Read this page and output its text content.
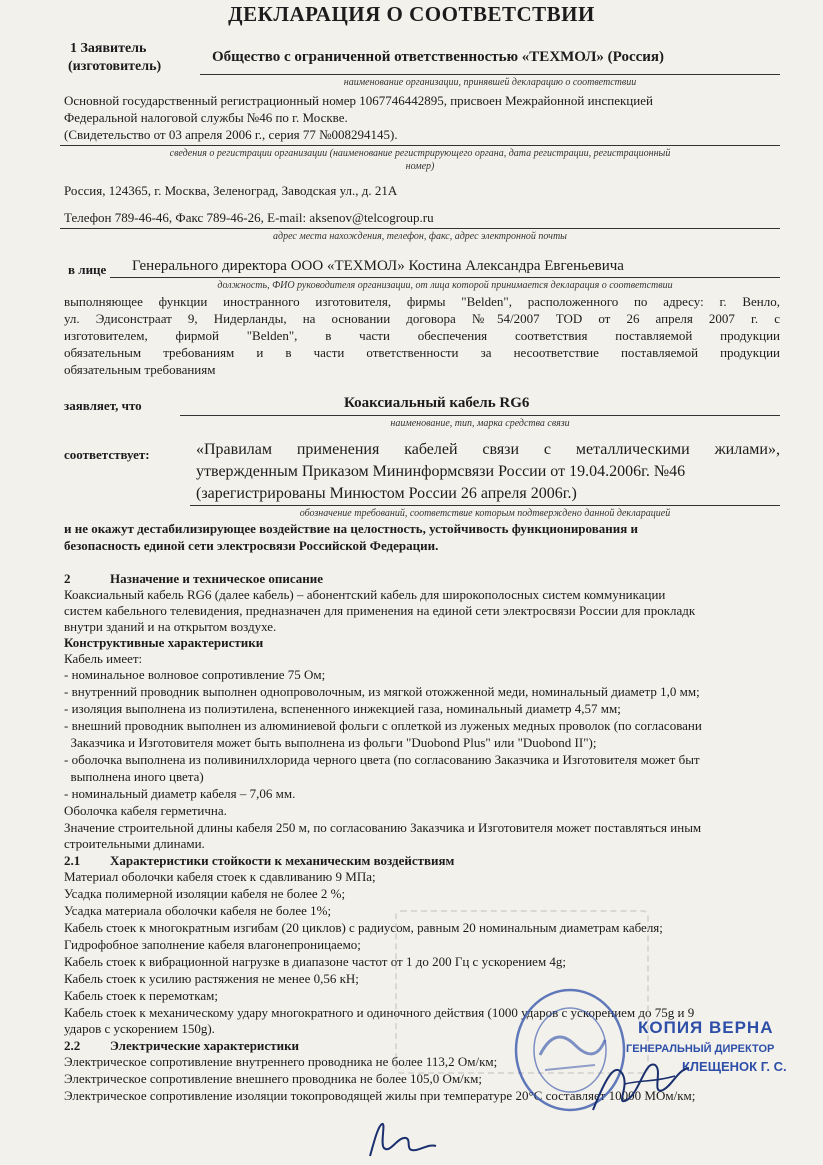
ДЕКЛАРАЦИЯ О СООТВЕТСТВИИ
1 Заявитель
(изготовитель)
Общество с ограниченной ответственностью «ТЕХМОЛ» (Россия)
наименование организации, принявшей декларацию о соответствии
Основной государственный регистрационный номер 1067746442895, присвоен Межрайонной инспекцией
Федеральной налоговой службы №46 по г. Москве.
(Свидетельство от 03 апреля 2006 г., серия 77 №008294145).
сведения о регистрации организации (наименование регистрирующего органа, дата регистрации, регистрационный
номер)
Россия, 124365, г. Москва, Зеленоград, Заводская ул., д. 21А
Телефон 789-46-46, Факс 789-46-26, E-mail: aksenov@telcogroup.ru
адрес места нахождения, телефон, факс, адрес электронной почты
в лице Генерального директора ООО «ТЕХМОЛ» Костина Александра Евгеньевича
должность, ФИО руководителя организации, от лица которой принимается декларация о соответствии
выполняющее функции иностранного изготовителя, фирмы "Belden", расположенного по адресу: г. Венло,
ул. Эдисонстраат 9, Нидерланды, на основании договора №54/2007 TOD от 26 апреля 2007 г. с
изготовителем, фирмой "Belden", в части обеспечения соответствия поставляемой продукции
обязательным требованиям и в части ответственности за несоответствие поставляемой продукции
обязательным требованиям
заявляет, что	Коаксиальный кабель RG6
наименование, тип, марка средства связи
соответствует:	«Правилам применения кабелей связи с металлическими жилами»,
утвержденным Приказом Мининформсвязи России от 19.04.2006г. №46
(зарегистрированы Минюстом России 26 апреля 2006г.)
обозначение требований, соответствие которым подтверждено данной декларацией
и не окажут дестабилизирующее воздействие на целостность, устойчивость функционирования и
безопасность единой сети электросвязи Российской Федерации.
2	Назначение и техническое описание
Коаксиальный кабель RG6 (далее кабель) – абонентский кабель для широкополосных систем коммуникации
систем кабельного телевидения, предназначен для применения на единой сети электросвязи России для прокладк
внутри зданий и на открытом воздухе.
Конструктивные характеристики
Кабель имеет:
- номинальное волновое сопротивление 75 Ом;
- внутренний проводник выполнен однопроволочным, из мягкой отожженной меди, номинальный диаметр 1,0 мм;
- изоляция выполнена из полиэтилена, вспененного инжекцией газа, номинальный диаметр 4,57 мм;
- внешний проводник выполнен из алюминиевой фольги с оплеткой из луженых медных проволок (по согласовани
Заказчика и Изготовителя может быть выполнена из фольги "Duobond Plus" или "Duobond II");
- оболочка выполнена из поливинилхлорида черного цвета (по согласованию Заказчика и Изготовителя может быт
выполнена иного цвета)
- номинальный диаметр кабеля – 7,06 мм.
Оболочка кабеля герметична.
Значение строительной длины кабеля 250 м, по согласованию Заказчика и Изготовителя может поставляться иным
строительными длинами.
2.1 Характеристики стойкости к механическим воздействиям
Материал оболочки кабеля стоек к сдавливанию 9 МПа;
Усадка полимерной изоляции кабеля не более 2 %;
Усадка материала оболочки кабеля не более 1%;
Кабель стоек к многократным изгибам (20 циклов) с радиусом, равным 20 номинальным диаметрам кабеля;
Гидрофобное заполнение кабеля влагонепроницаемо;
Кабель стоек к вибрационной нагрузке в диапазоне частот от 1 до 200 Гц с ускорением 4g;
Кабель стоек к усилию растяжения не менее 0,56 кН;
Кабель стоек к перемоткам;
Кабель стоек к механическому удару многократного и одиночного действия (1000 ударов с ускорением до 75g и 9
ударов с ускорением 150g).
2.2 Электрические характеристики
Электрическое сопротивление внутреннего проводника не более 113,2 Ом/км;
Электрическое сопротивление внешнего проводника не более 105,0 Ом/км;
Электрическое сопротивление изоляции токопроводящей жилы при температуре 20°С составляет 10000 МОм/км;
КОПИЯ ВЕРНА
ГЕНЕРАЛЬНЫЙ ДИРЕКТОР
КЛЕЩЕНОК Г. С.
